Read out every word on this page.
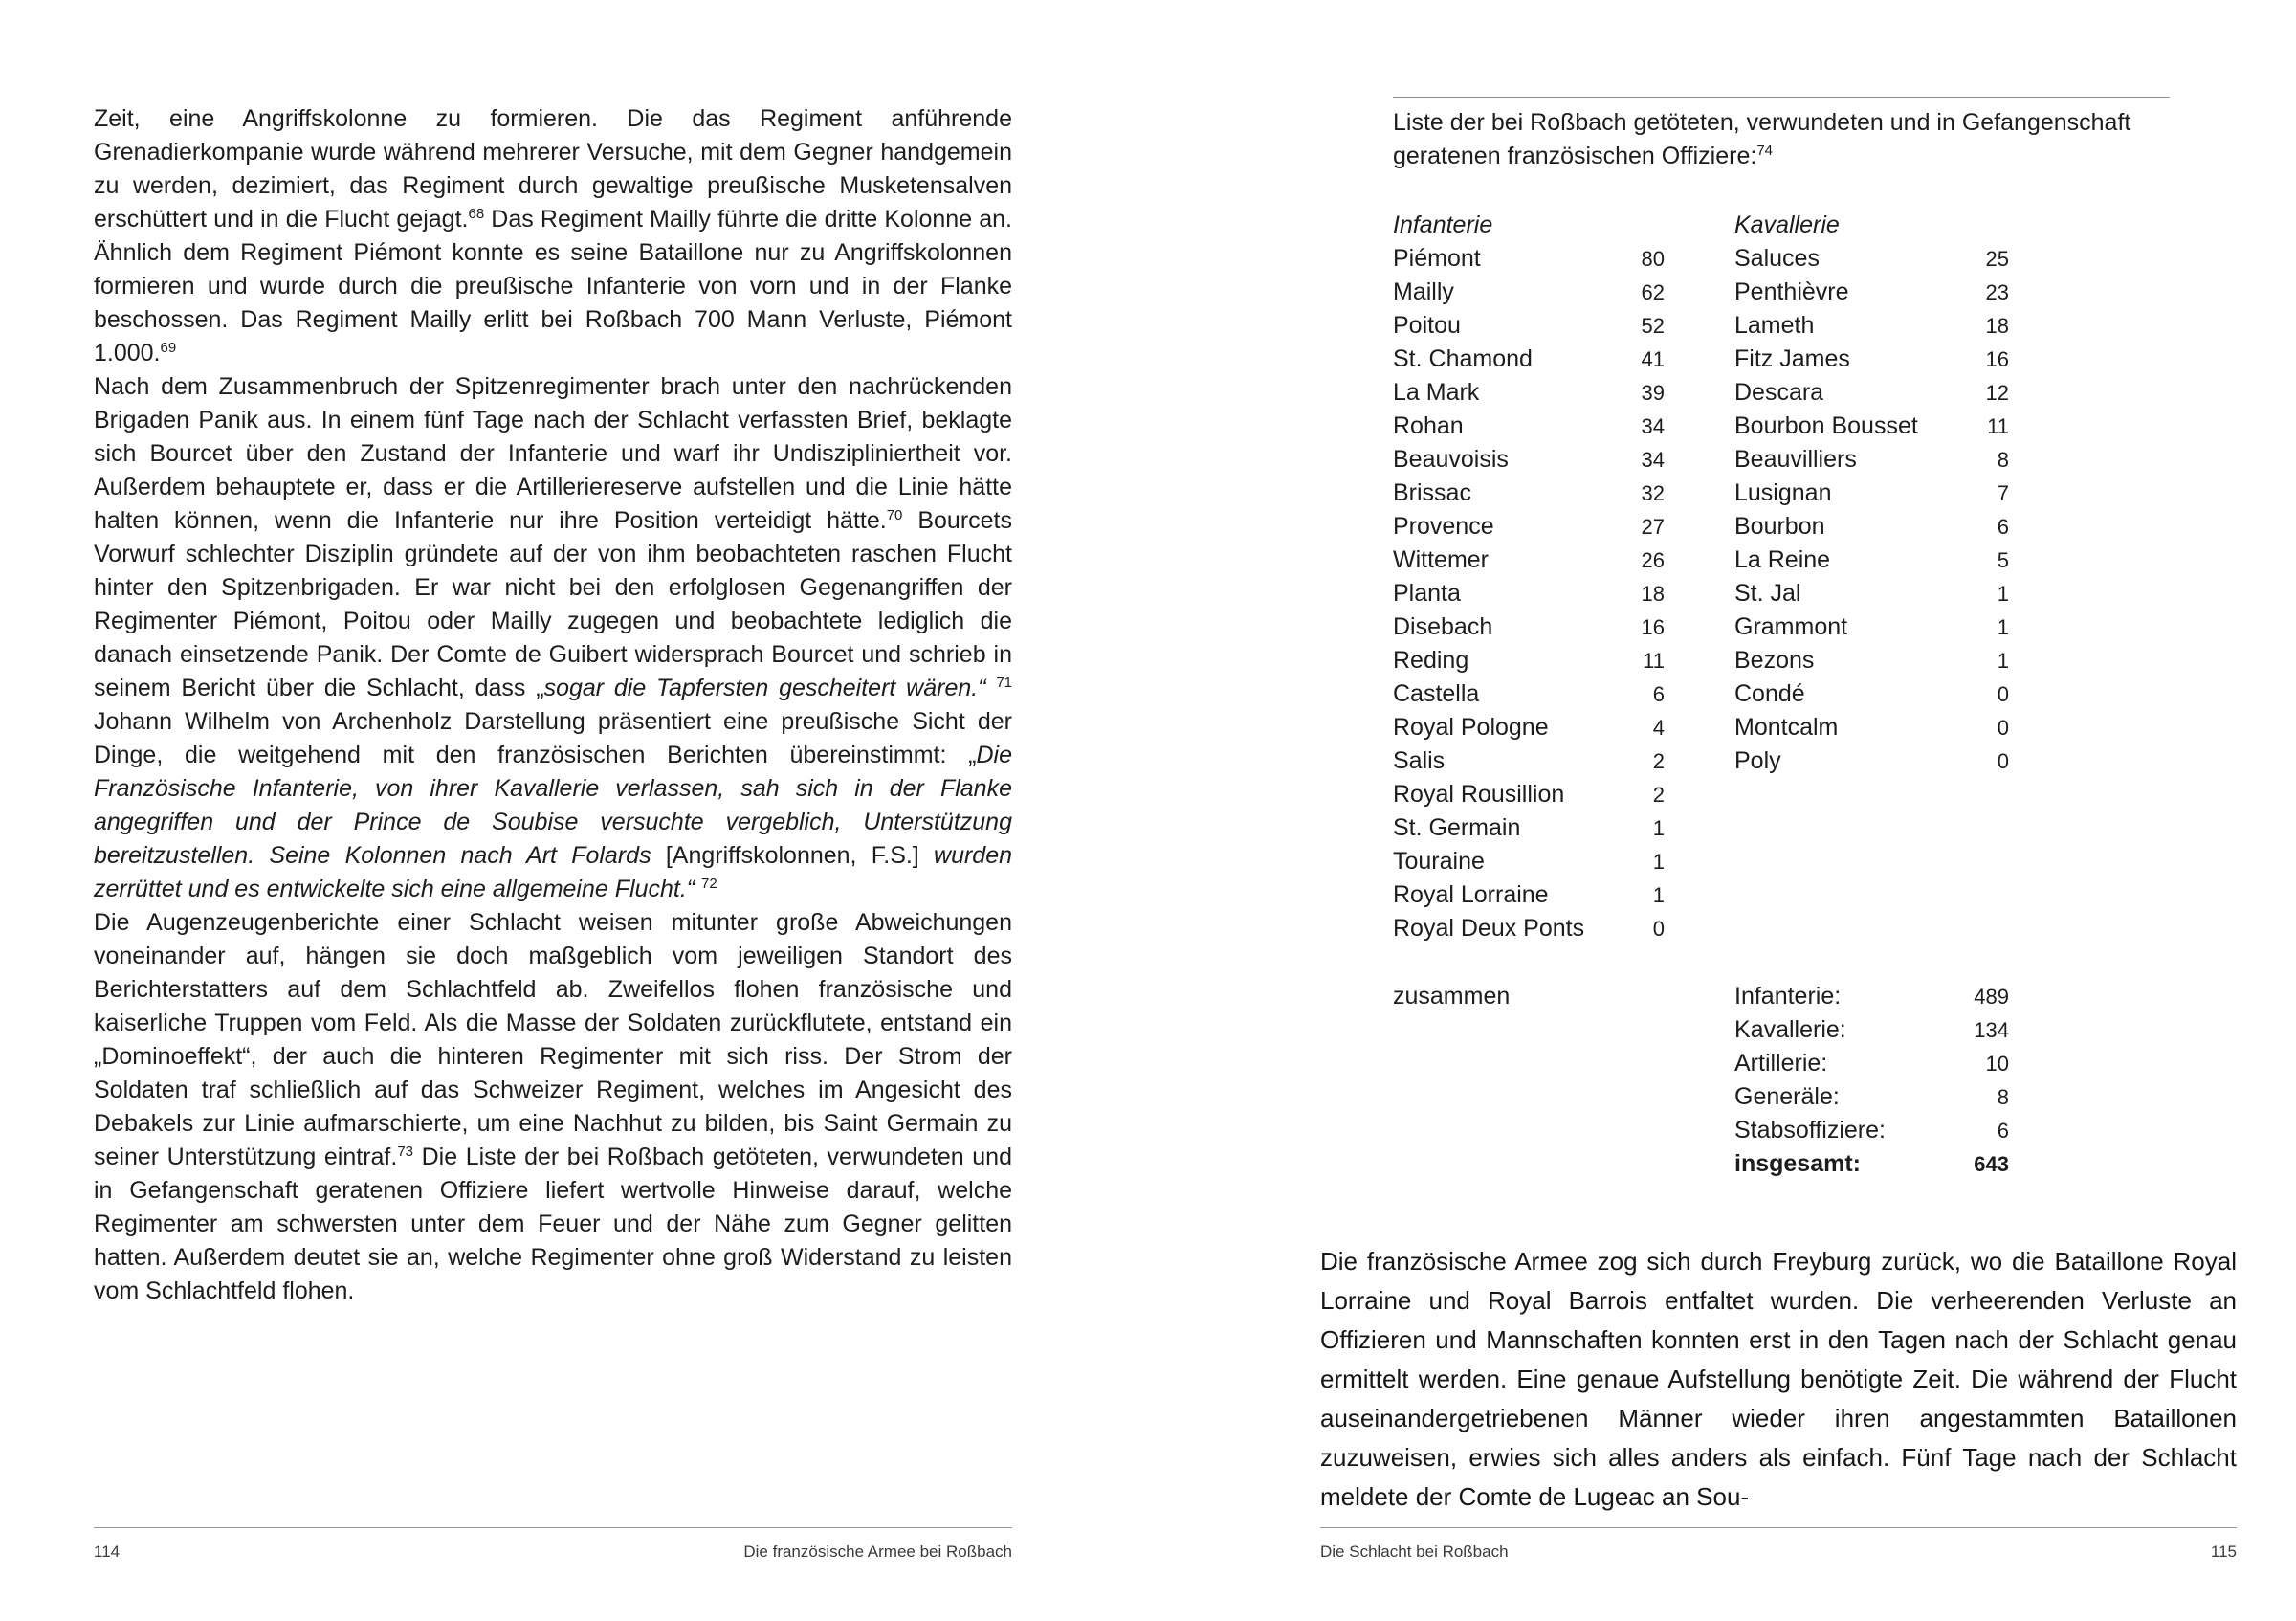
Zeit, eine Angriffskolonne zu formieren. Die das Regiment anführende Grenadierkompanie wurde während mehrerer Versuche, mit dem Gegner handgemein zu werden, dezimiert, das Regiment durch gewaltige preußische Musketensalven erschüttert und in die Flucht gejagt.$^{68}$ Das Regiment Mailly führte die dritte Kolonne an. Ähnlich dem Regiment Piémont konnte es seine Bataillone nur zu Angriffskolonnen formieren und wurde durch die preußische Infanterie von vorn und in der Flanke beschossen. Das Regiment Mailly erlitt bei Roßbach 700 Mann Verluste, Piémont 1.000.69

Nach dem Zusammenbruch der Spitzenregimenter brach unter den nachrückenden Brigaden Panik aus. In einem fünf Tage nach der Schlacht verfassten Brief, beklagte sich Bourcet über den Zustand der Infanterie und warf ihr Undiszipliniertheit vor. Außerdem behauptete er, dass er die Artilleriereserve aufstellen und die Linie hätte halten können, wenn die Infanterie nur ihre Position verteidigt hätte.$^{70}$ Bourcets Vorwurf schlechter Disziplin gründete auf der von ihm beobachteten raschen Flucht hinter den Spitzenbrigaden. Er war nicht bei den erfolglosen Gegenangriffen der Regimenter Piémont, Poitou oder Mailly zugegen und beobachtete lediglich die danach einsetzende Panik. Der Comte de Guibert widersprach Bourcet und schrieb in seinem Bericht über die Schlacht, dass „sogar die Tapfersten gescheitert wären.“ $^{71}$ Johann Wilhelm von Archenholz Darstellung präsentiert eine preußische Sicht der Dinge, die weitgehend mit den französischen Berichten übereinstimmt: „Die Französische Infanterie, von ihrer Kavallerie verlassen, sah sich in der Flanke angegriffen und der Prince de Soubise versuchte vergeblich, Unterstützung bereitzustellen. Seine Kolonnen nach Art Folards [Angriffskolonnen, F.S.] wurden zerrüttet und es entwickelte sich eine allgemeine Flucht.“ $^{72}$

Die Augenzeugenberichte einer Schlacht weisen mitunter große Abweichungen voneinander auf, hängen sie doch maßgeblich vom jeweiligen Standort des Berichterstatters auf dem Schlachtfeld ab. Zweifellos flohen französische und kaiserliche Truppen vom Feld. Als die Masse der Soldaten zurückflutete, entstand ein „Dominoeffekt“, der auch die hinteren Regimenter mit sich riss. Der Strom der Soldaten traf schließlich auf das Schweizer Regiment, welches im Angesicht des Debakels zur Linie aufmarschierte, um eine Nachhut zu bilden, bis Saint Germain zu seiner Unterstützung eintraf.$^{73}$ Die Liste der bei Roßbach getöteten, verwundeten und in Gefangenschaft geratenen Offiziere liefert wertvolle Hinweise darauf, welche Regimenter am schwersten unter dem Feuer und der Nähe zum Gegner gelitten hatten. Außerdem deutet sie an, welche Regimenter ohne groß Widerstand zu leisten vom Schlachtfeld flohen.

114	Die französische Armee bei Roßbach

Liste der bei Roßbach getöteten, verwundeten und in Gefangenschaft geratenen französischen Offiziere:$^{74}$

Infanterie
Piémont	80
Mailly	62
Poitou	52
St. Chamond	41
La Mark	39
Rohan	34
Beauvoisis	34
Brissac	32
Provence	27
Wittemer	26
Planta	18
Disebach	16
Reding	11
Castella	6
Royal Pologne	4
Salis	2
Royal Rousillion	2
St. Germain	1
Touraine	1
Royal Lorraine	1
Royal Deux Ponts	0
Kavallerie
Saluces	25
Penthièvre	23
Lameth	18
Fitz James	16
Descara	12
Bourbon Bousset	11
Beauvilliers	8
Lusignan	7
Bourbon	6
La Reine	5
St. Jal	1
Grammont	1
Bezons	1
Condé	0
Montcalm	0
Poly	0
zusammen	Infanterie:	489
Kavallerie:	134
Artillerie:	10
Generäle:	8
Stabsoffiziere:	6
insgesamt:	643

Die französische Armee zog sich durch Freyburg zurück, wo die Bataillone Royal Lorraine und Royal Barrois entfaltet wurden. Die verheerenden Verluste an Offizieren und Mannschaften konnten erst in den Tagen nach der Schlacht genau ermittelt werden. Eine genaue Aufstellung benötigte Zeit. Die während der Flucht auseinandergetriebenen Männer wieder ihren angestammten Bataillonen zuzuweisen, erwies sich alles anders als einfach. Fünf Tage nach der Schlacht meldete der Comte de Lugeac an Sou-

Die Schlacht bei Roßbach	115
